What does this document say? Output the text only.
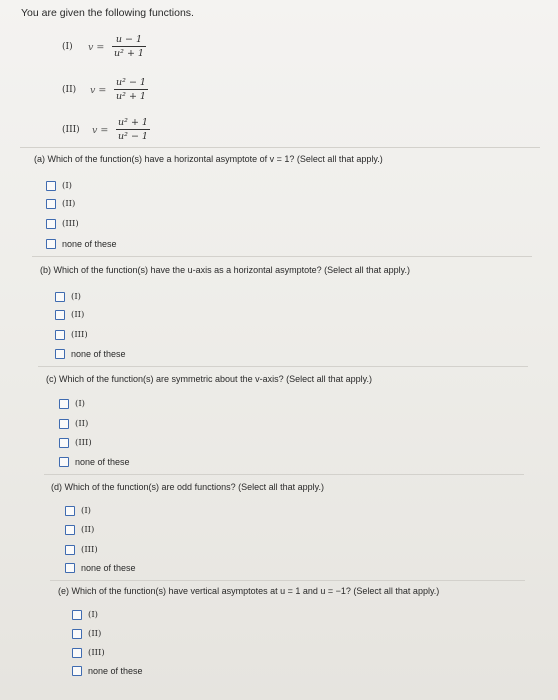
You are given the following functions.
(I) v =
u − 1
u² + 1
(II) v =
u² − 1
u² + 1
(III) v =
u² + 1
u² − 1
(a) Which of the function(s) have a horizontal asymptote of v = 1? (Select all that apply.)
(I)
(II)
(III)
none of these
(b) Which of the function(s) have the u-axis as a horizontal asymptote? (Select all that apply.)
(I)
(II)
(III)
none of these
(c) Which of the function(s) are symmetric about the v-axis? (Select all that apply.)
(I)
(II)
(III)
none of these
(d) Which of the function(s) are odd functions? (Select all that apply.)
(I)
(II)
(III)
none of these
(e) Which of the function(s) have vertical asymptotes at u = 1 and u = −1? (Select all that apply.)
(I)
(II)
(III)
none of these
